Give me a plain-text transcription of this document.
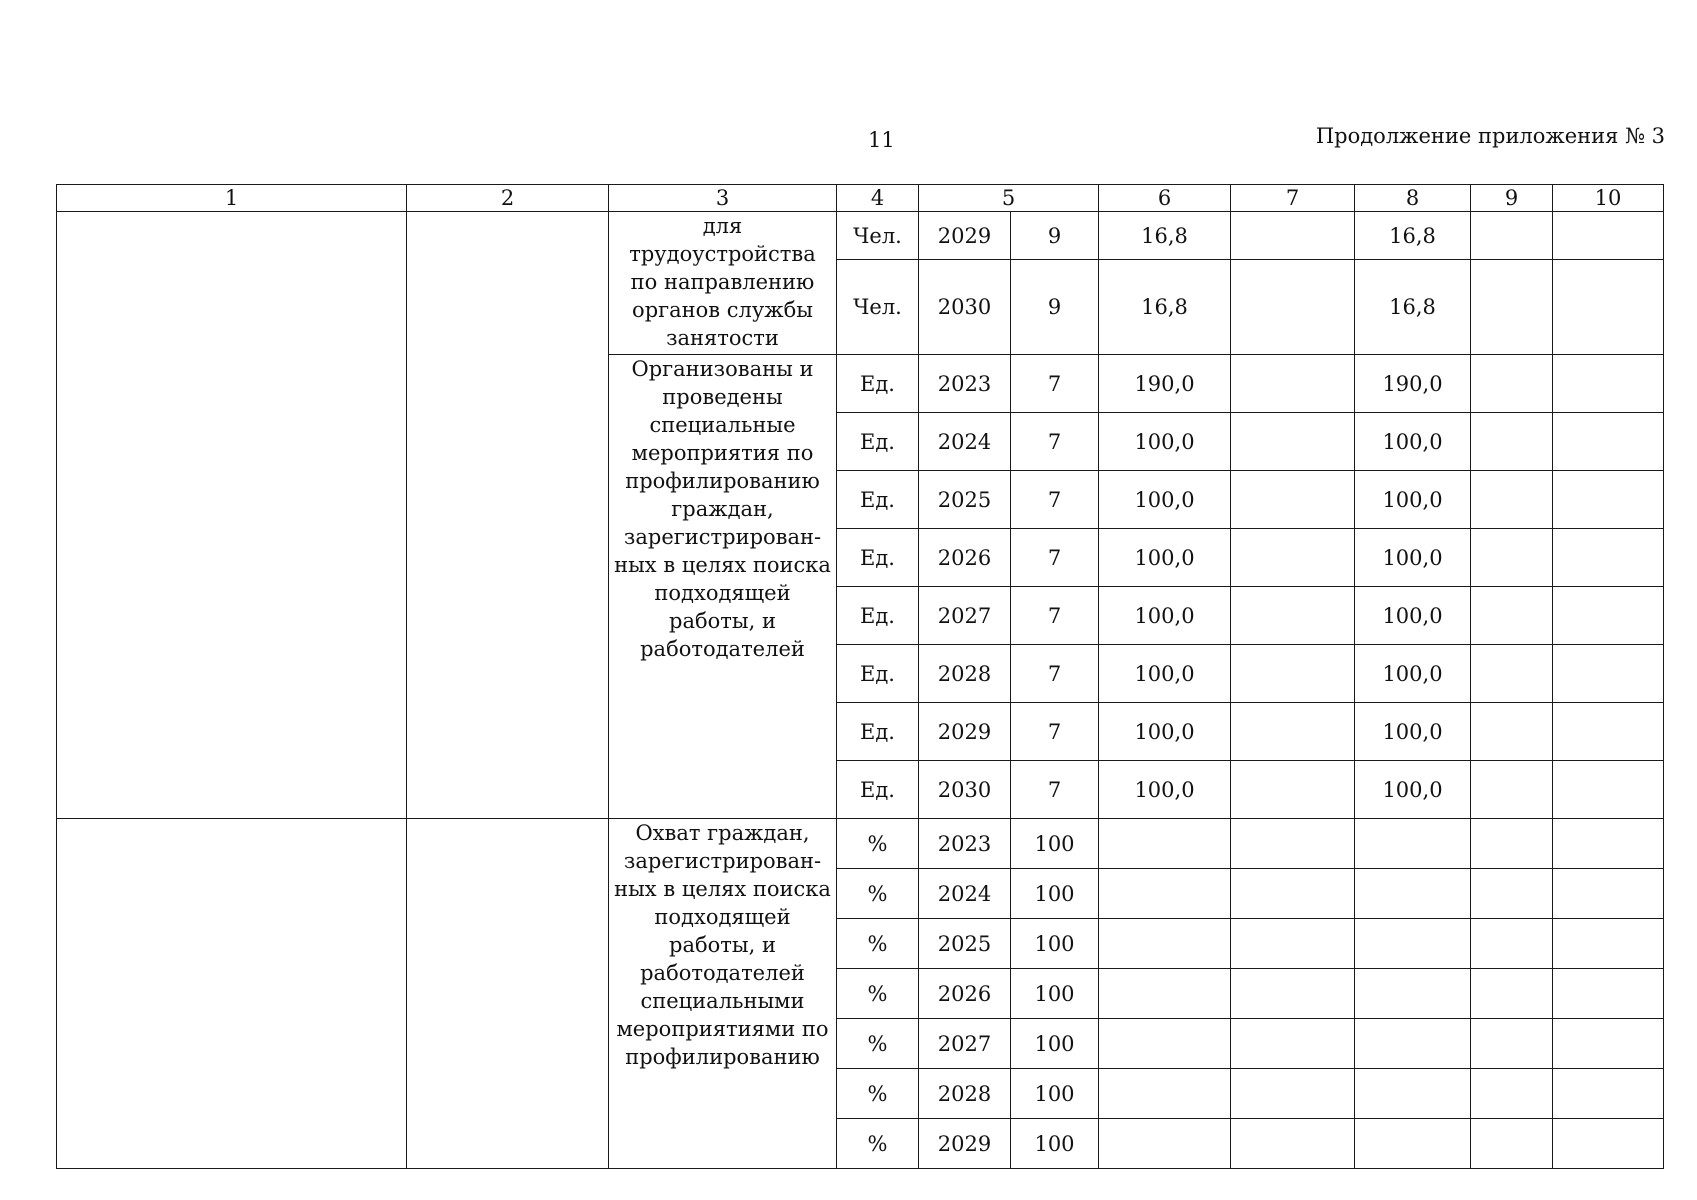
11	Продолжение приложения № 3
1	2	3	4	5		6	7	8	9	10

		для трудоустройства по направлению органов службы занятости	Чел.	2029	9	16,8		16,8		
			Чел.	2030	9	16,8		16,8		

		Организованы и проведены специальные мероприятия по профилированию граждан, зарегистрирован-ных в целях поиска подходящей работы, и работодателей	Ед.	2023	7	190,0		190,0		
			Ед.	2024	7	100,0		100,0		
			Ед.	2025	7	100,0		100,0		
			Ед.	2026	7	100,0		100,0		
			Ед.	2027	7	100,0		100,0		
			Ед.	2028	7	100,0		100,0		
			Ед.	2029	7	100,0		100,0		
			Ед.	2030	7	100,0		100,0		

		Охват граждан, зарегистрирован-ных в целях поиска подходящей работы, и работодателей специальными мероприятиями по профилированию	%	2023	100					
			%	2024	100					
			%	2025	100					
			%	2026	100					
			%	2027	100					
			%	2028	100					
			%	2029	100					
